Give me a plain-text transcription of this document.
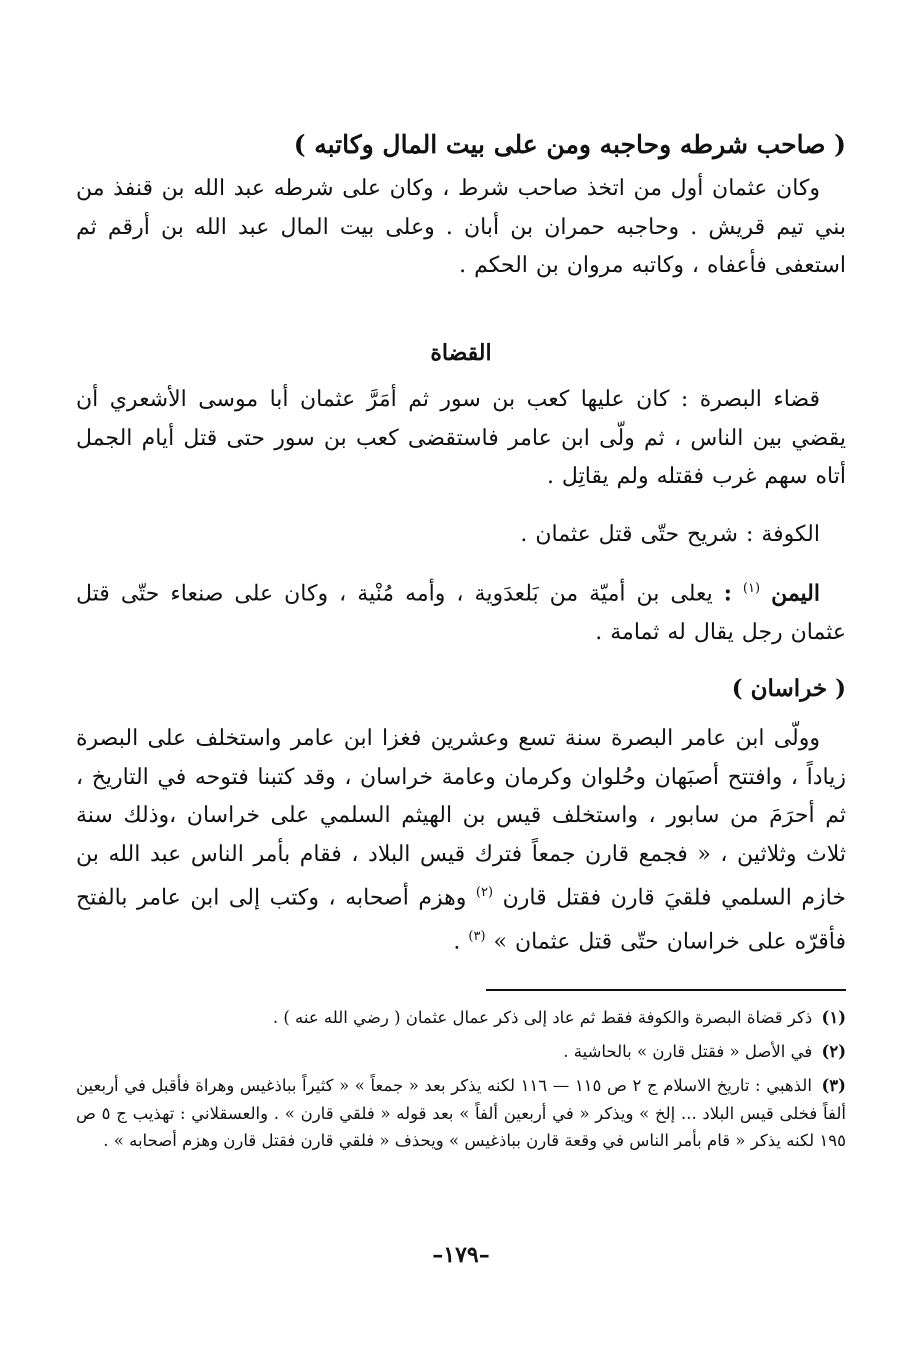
( صاحب شرطه وحاجبه ومن على بيت المال وكاتبه )
وكان عثمان أول من اتخذ صاحب شرط ، وكان على شرطه عبد الله بن قنفذ من بني تيم قريش . وحاجبه حمران بن أبان . وعلى بيت المال عبد الله بن أرقم ثم استعفى فأعفاه ، وكاتبه مروان بن الحكم .
القضاة
قضاء البصرة : كان عليها كعب بن سور ثم أمَرَّ عثمان أبا موسى الأشعري أن يقضي بين الناس ، ثم ولّى ابن عامر فاستقضى كعب بن سور حتى قتل أيام الجمل أتاه سهم غرب فقتله ولم يقاتِل .
الكوفة : شريح حتّى قتل عثمان .
اليمن $^{(١)}$ : يعلى بن أميّة من بَلعدَوية ، وأمه مُنْية ، وكان على صنعاء حتّى قتل عثمان رجل يقال له ثمامة .
( خراسان )
وولّى ابن عامر البصرة سنة تسع وعشرين فغزا ابن عامر واستخلف على البصرة زياداً ، وافتتح أصبَهان وحُلوان وكرمان وعامة خراسان ، وقد كتبنا فتوحه في التاريخ ، ثم أحرَمَ من سابور ، واستخلف قيس بن الهيثم السلمي على خراسان ،وذلك سنة ثلاث وثلاثين ، « فجمع قارن جمعاً فترك قيس البلاد ، فقام بأمر الناس عبد الله بن خازم السلمي فلقيَ قارن فقتل قارن $^{(٢)}$ وهزم أصحابه ، وكتب إلى ابن عامر بالفتح فأقرّه على خراسان حتّى قتل عثمان » $^{(٣)}$ .
(١) ذكر قضاة البصرة والكوفة فقط ثم عاد إلى ذكر عمال عثمان ( رضي الله عنه ) .
(٢) في الأصل « فقتل قارن » بالحاشية .
(٣) الذهبي : تاريخ الاسلام ج ٢ ص ١١٥ — ١١٦ لكنه يذكر بعد « جمعاً » « كثيراً بباذغيس وهراة فأقبل في أربعين ألفاً فخلى قيس البلاد ... إلخ » ويذكر « في أربعين ألفاً » بعد قوله « فلقي قارن » . والعسقلاني : تهذيب ج ٥ ص ١٩٥ لكنه يذكر « قام بأمر الناس في وقعة قارن بباذغيس » ويحذف « فلقي قارن فقتل قارن وهزم أصحابه » .
–١٧٩–
